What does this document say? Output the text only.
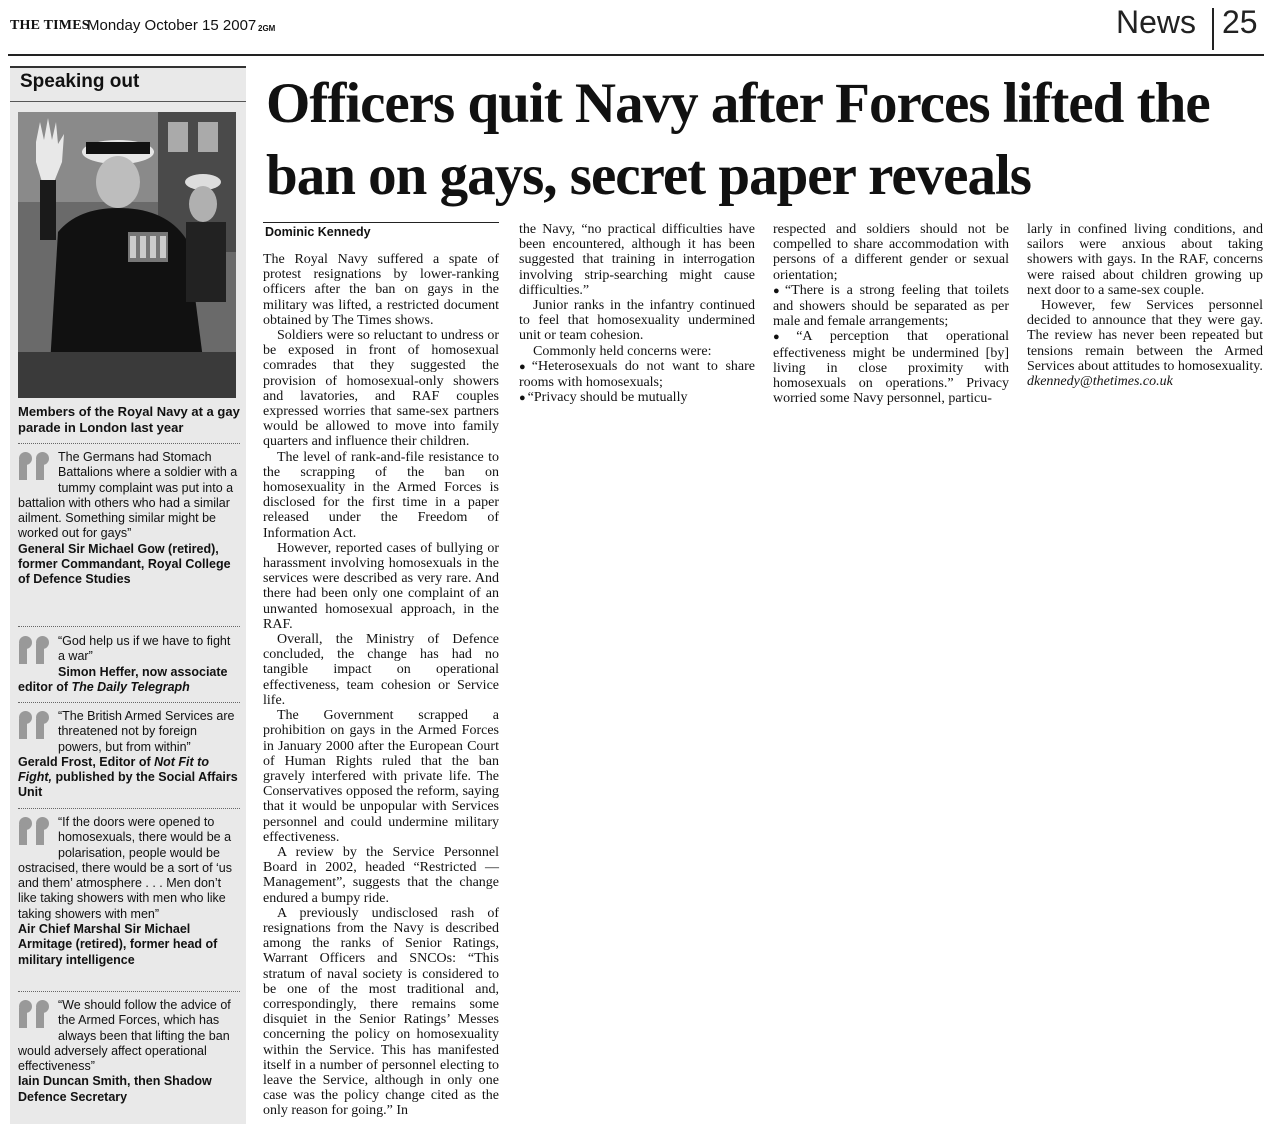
THE TIMES
Monday October 15 2007 2GM	News 25
Speaking out
Members of the Royal Navy at a gay parade in London last year
The Germans had Stomach Battalions where a soldier with a tummy complaint was put into a battalion with others who had a similar ailment. Something similar might be worked out for gays”
General Sir Michael Gow (retired), former Commandant, Royal College of Defence Studies
“God help us if we have to fight a war”
Simon Heffer, now associate editor of The Daily Telegraph
“The British Armed Services are threatened not by foreign powers, but from within”
Gerald Frost, Editor of Not Fit to Fight, published by the Social Affairs Unit
“If the doors were opened to homosexuals, there would be a polarisation, people would be ostracised, there would be a sort of ‘us and them’ atmosphere . . . Men don’t like taking showers with men who like taking showers with men”
Air Chief Marshal Sir Michael Armitage (retired), former head of military intelligence
“We should follow the advice of the Armed Forces, which has always been that lifting the ban would adversely affect operational effectiveness”
Iain Duncan Smith, then Shadow Defence Secretary
Officers quit Navy after Forces lifted the ban on gays, secret paper reveals
Dominic Kennedy

The Royal Navy suffered a spate of protest resignations by lower-ranking officers after the ban on gays in the military was lifted, a restricted document obtained by The Times shows.

Soldiers were so reluctant to undress or be exposed in front of homosexual comrades that they suggested the provision of homosexual-only showers and lavatories, and RAF couples expressed worries that same-sex partners would be allowed to move into family quarters and influence their children.

The level of rank-and-file resistance to the scrapping of the ban on homosexuality in the Armed Forces is disclosed for the first time in a paper released under the Freedom of Information Act.

However, reported cases of bullying or harassment involving homosexuals in the services were described as very rare. And there had been only one complaint of an unwanted homosexual approach, in the RAF.

Overall, the Ministry of Defence concluded, the change has had no tangible impact on operational effectiveness, team cohesion or Service life.

The Government scrapped a prohibition on gays in the Armed Forces in January 2000 after the European Court of Human Rights ruled that the ban gravely interfered with private life. The Conservatives opposed the reform, saying that it would be unpopular with Services personnel and could undermine military effectiveness.

A review by the Service Personnel Board in 2002, headed “Restricted — Management”, suggests that the change endured a bumpy ride.

A previously undisclosed rash of resignations from the Navy is described among the ranks of Senior Ratings, Warrant Officers and SNCOs: “This stratum of naval society is considered to be one of the most traditional and, correspondingly, there remains some disquiet in the Senior Ratings’ Messes concerning the policy on homosexuality within the Service. This has manifested itself in a number of personnel electing to leave the Service, although in only one case was the policy change cited as the only reason for going.” In

the Navy, “no practical difficulties have been encountered, although it has been suggested that training in interrogation involving strip-searching might cause difficulties.”

Junior ranks in the infantry continued to feel that homosexuality undermined unit or team cohesion.

Commonly held concerns were:

● “Heterosexuals do not want to share rooms with homosexuals;

● “Privacy should be mutually

respected and soldiers should not be compelled to share accommodation with persons of a different gender or sexual orientation;

● “There is a strong feeling that toilets and showers should be separated as per male and female arrangements;

● “A perception that operational effectiveness might be undermined [by] living in close proximity with homosexuals on operations.” Privacy worried some Navy personnel, particu-

larly in confined living conditions, and sailors were anxious about taking showers with gays. In the RAF, concerns were raised about children growing up next door to a same-sex couple.

However, few Services personnel decided to announce that they were gay. The review has never been repeated but tensions remain between the Armed Services about attitudes to homosexuality.

dkennedy@thetimes.co.uk
